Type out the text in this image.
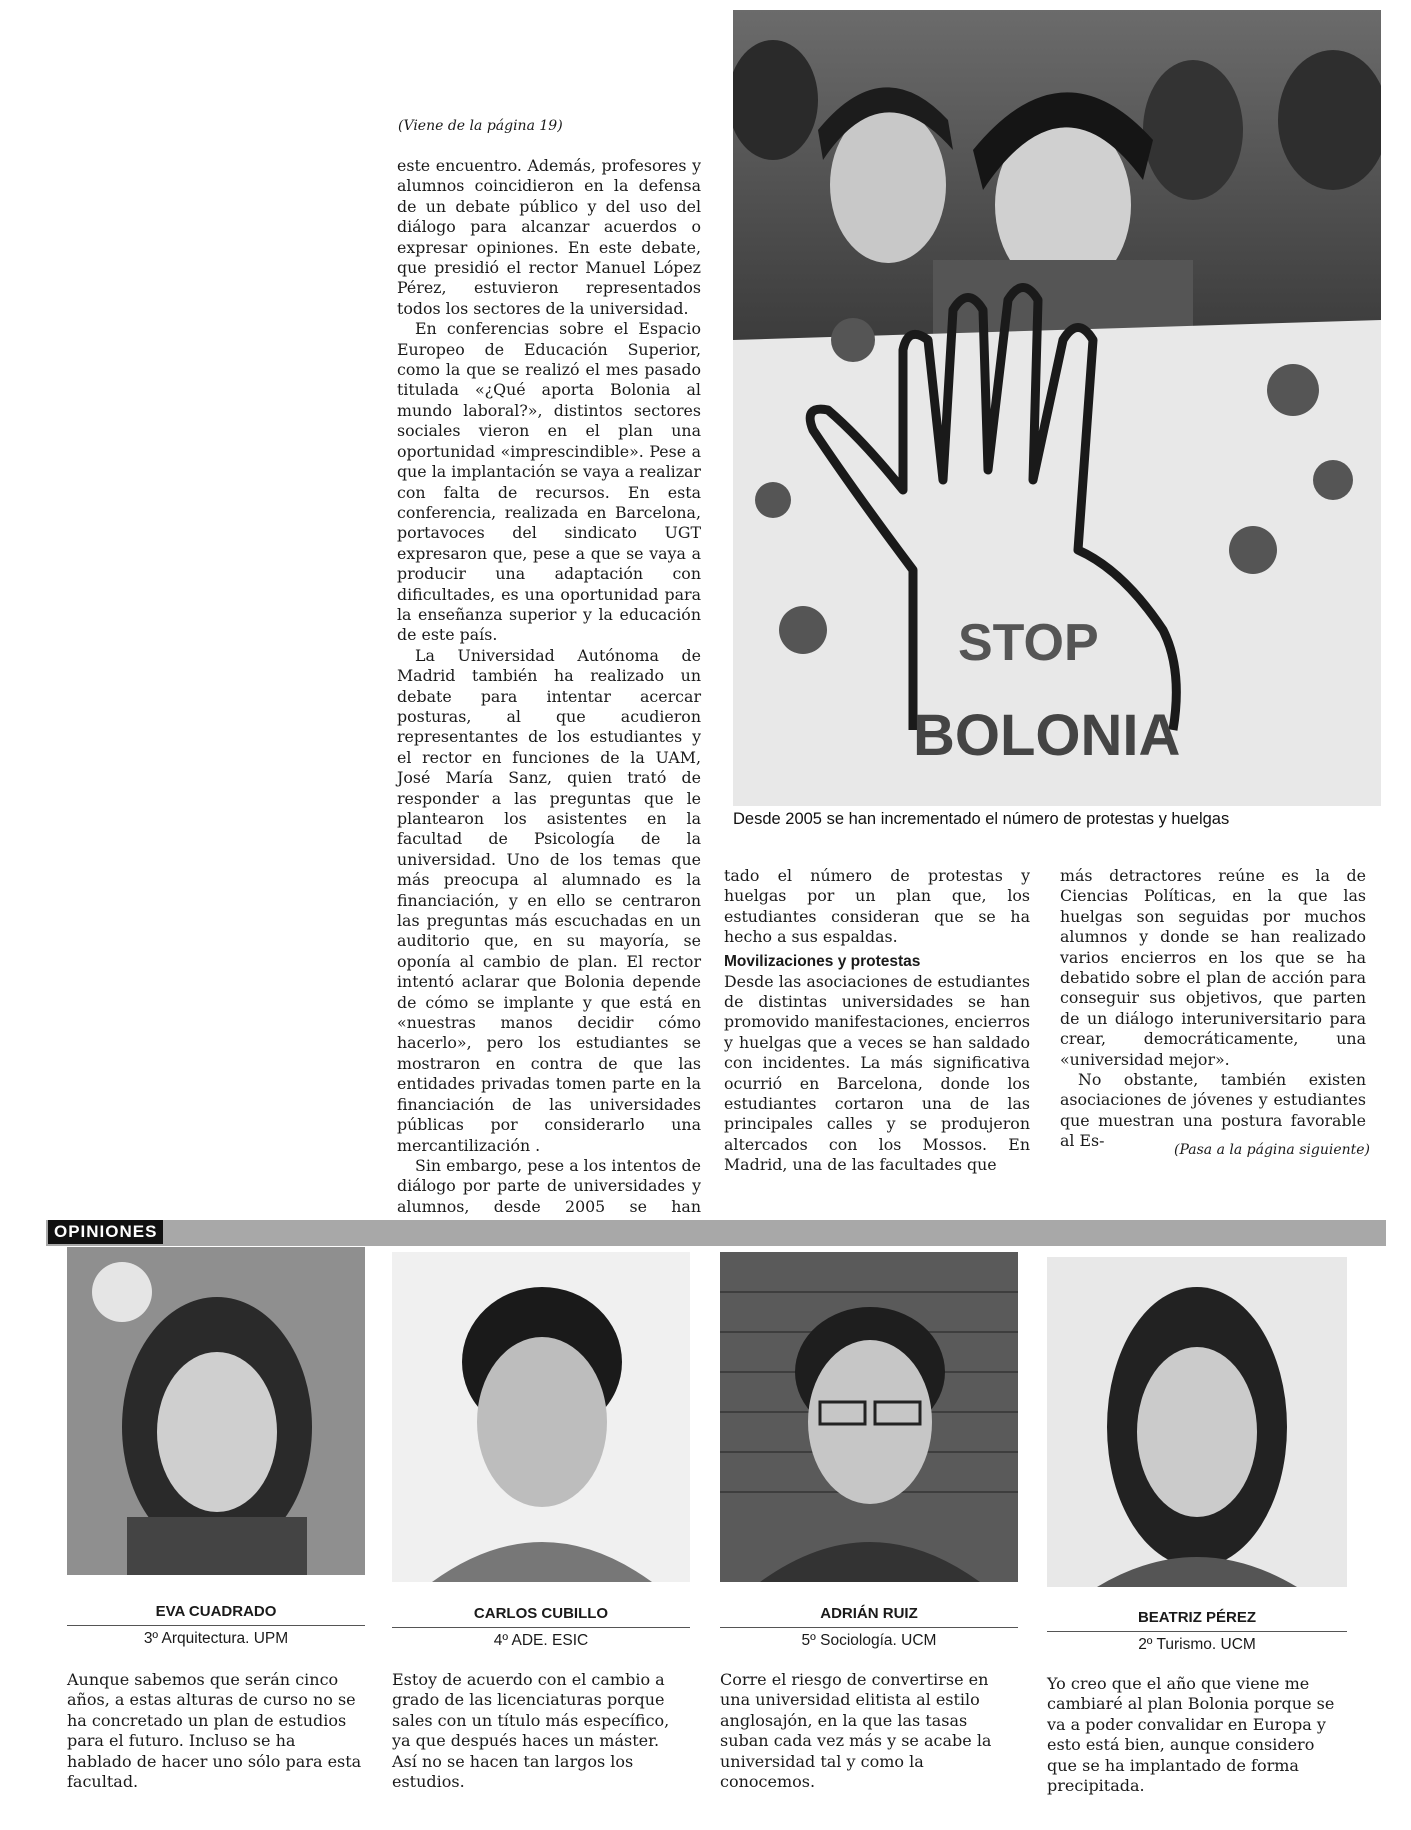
(Viene de la página 19)

este encuentro. Además, profesores y alumnos coincidieron en la defensa de un debate público y del uso del diálogo para alcanzar acuerdos o expresar opiniones. En este debate, que presidió el rector Manuel López Pérez, estuvieron representados todos los sectores de la universidad.

En conferencias sobre el Espacio Europeo de Educación Superior, como la que se realizó el mes pasado titulada «¿Qué aporta Bolonia al mundo laboral?», distintos sectores sociales vieron en el plan una oportunidad «imprescindible». Pese a que la implantación se vaya a realizar con falta de recursos. En esta conferencia, realizada en Barcelona, portavoces del sindicato UGT expresaron que, pese a que se vaya a producir una adaptación con dificultades, es una oportunidad para la enseñanza superior y la educación de este país.

La Universidad Autónoma de Madrid también ha realizado un debate para intentar acercar posturas, al que acudieron representantes de los estudiantes y el rector en funciones de la UAM, José María Sanz, quien trató de responder a las preguntas que le plantearon los asistentes en la facultad de Psicología de la universidad. Uno de los temas que más preocupa al alumnado es la financiación, y en ello se centraron las preguntas más escuchadas en un auditorio que, en su mayoría, se oponía al cambio de plan. El rector intentó aclarar que Bolonia depende de cómo se implante y que está en «nuestras manos decidir cómo hacerlo», pero los estudiantes se mostraron en contra de que las entidades privadas tomen parte en la financiación de las universidades públicas por considerarlo una mercantilización .

Sin embargo, pese a los intentos de diálogo por parte de universidades y alumnos, desde 2005 se han

STOP
BOLONIA
Desde 2005 se han incrementado el número de protestas y huelgas

tado el número de protestas y huelgas por un plan que, los estudiantes consideran que se ha hecho a sus espaldas.

Movilizaciones y protestas

Desde las asociaciones de estudiantes de distintas universidades se han promovido manifestaciones, encierros y huelgas que a veces se han saldado con incidentes. La más significativa ocurrió en Barcelona, donde los estudiantes cortaron una de las principales calles y se produjeron altercados con los Mossos. En Madrid, una de las facultades que

más detractores reúne es la de Ciencias Políticas, en la que las huelgas son seguidas por muchos alumnos y donde se han realizado varios encierros en los que se ha debatido sobre el plan de acción para conseguir sus objetivos, que parten de un diálogo interuniversitario para crear, democráticamente, una «universidad mejor».

No obstante, también existen asociaciones de jóvenes y estudiantes que muestran una postura favorable al Es-	(Pasa a la página siguiente)
OPINIONES
EVA CUADRADO
3º Arquitectura. UPM
Aunque sabemos que serán cinco años, a estas alturas de curso no se ha concretado un plan de estudios para el futuro. Incluso se ha hablado de hacer uno sólo para esta facultad.
CARLOS CUBILLO
4º ADE. ESIC
Estoy de acuerdo con el cambio a grado de las licenciaturas porque sales con un título más específico, ya que después haces un máster. Así no se hacen tan largos los estudios.
ADRIÁN RUIZ
5º Sociología. UCM
Corre el riesgo de convertirse en una universidad elitista al estilo anglosajón, en la que las tasas suban cada vez más y se acabe la universidad tal y como la conocemos.
BEATRIZ PÉREZ
2º Turismo. UCM
Yo creo que el año que viene me cambiaré al plan Bolonia porque se va a poder convalidar en Europa y esto está bien, aunque considero que se ha implantado de forma precipitada.
